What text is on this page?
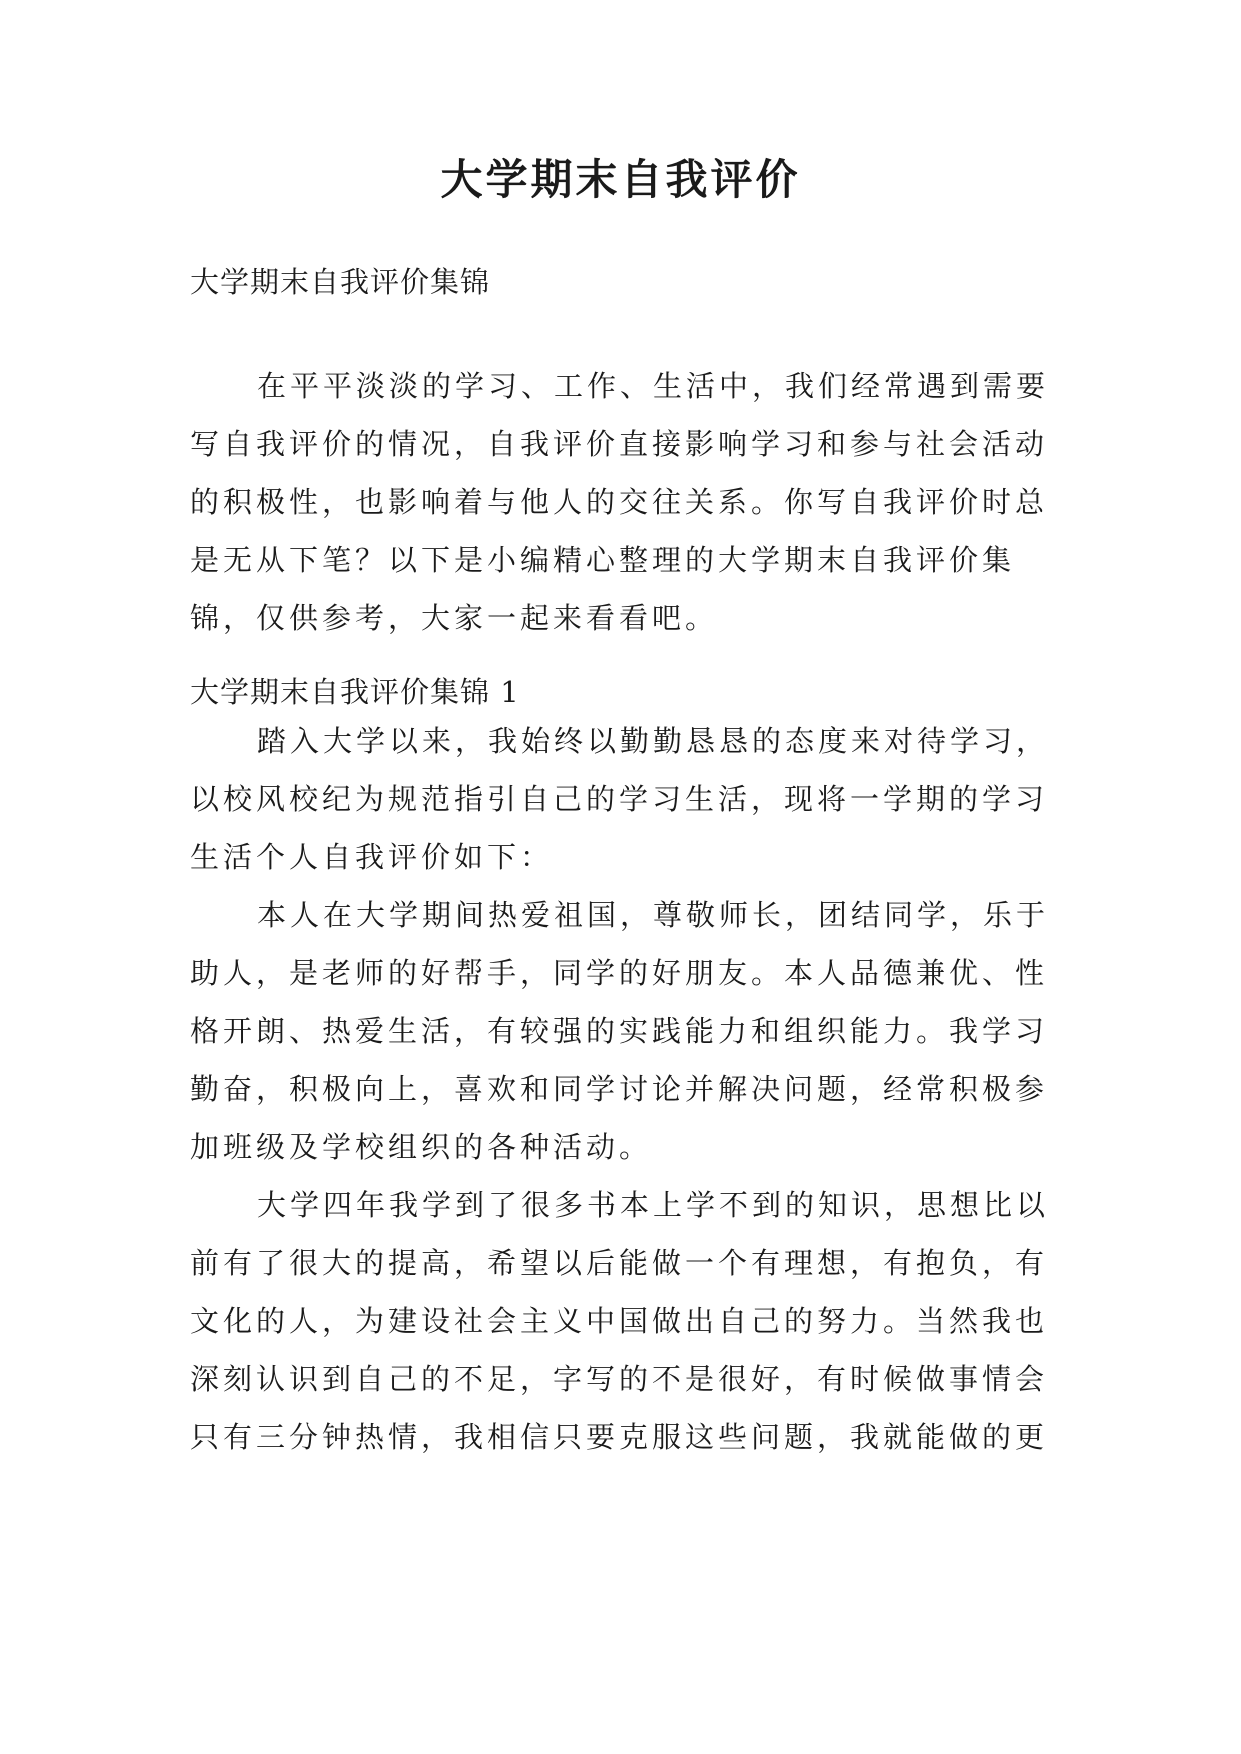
大学期末自我评价
大学期末自我评价集锦
在平平淡淡的学习、工作、生活中，我们经常遇到需要
写自我评价的情况，自我评价直接影响学习和参与社会活动
的积极性，也影响着与他人的交往关系。你写自我评价时总
是无从下笔？以下是小编精心整理的大学期末自我评价集
锦，仅供参考，大家一起来看看吧。
大学期末自我评价集锦 1
踏入大学以来，我始终以勤勤恳恳的态度来对待学习，
以校风校纪为规范指引自己的学习生活，现将一学期的学习
生活个人自我评价如下：
本人在大学期间热爱祖国，尊敬师长，团结同学，乐于
助人，是老师的好帮手，同学的好朋友。本人品德兼优、性
格开朗、热爱生活，有较强的实践能力和组织能力。我学习
勤奋，积极向上，喜欢和同学讨论并解决问题，经常积极参
加班级及学校组织的各种活动。
大学四年我学到了很多书本上学不到的知识，思想比以
前有了很大的提高，希望以后能做一个有理想，有抱负，有
文化的人，为建设社会主义中国做出自己的努力。当然我也
深刻认识到自己的不足，字写的不是很好，有时候做事情会
只有三分钟热情，我相信只要克服这些问题，我就能做的更
